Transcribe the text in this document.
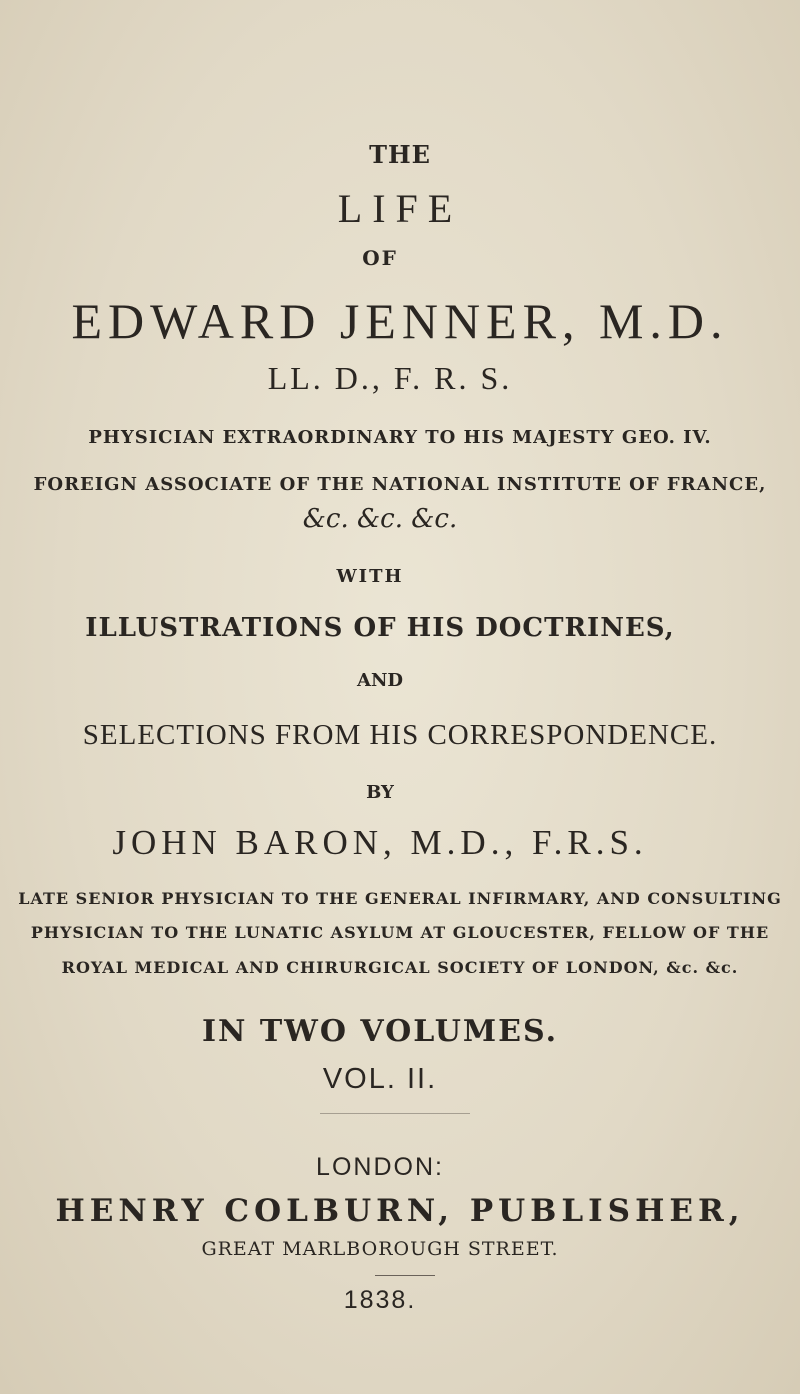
THE
LIFE
OF
EDWARD JENNER, M.D.
LL. D., F. R. S.
PHYSICIAN EXTRAORDINARY TO HIS MAJESTY GEO. IV.
FOREIGN ASSOCIATE OF THE NATIONAL INSTITUTE OF FRANCE,
&c. &c. &c.
WITH
ILLUSTRATIONS OF HIS DOCTRINES,
AND
SELECTIONS FROM HIS CORRESPONDENCE.
BY
JOHN BARON, M.D., F.R.S.
LATE SENIOR PHYSICIAN TO THE GENERAL INFIRMARY, AND CONSULTING
PHYSICIAN TO THE LUNATIC ASYLUM AT GLOUCESTER, FELLOW OF THE
ROYAL MEDICAL AND CHIRURGICAL SOCIETY OF LONDON, &c. &c.
IN TWO VOLUMES.
VOL. II.
LONDON:
HENRY COLBURN, PUBLISHER,
GREAT MARLBOROUGH STREET.
1838.
